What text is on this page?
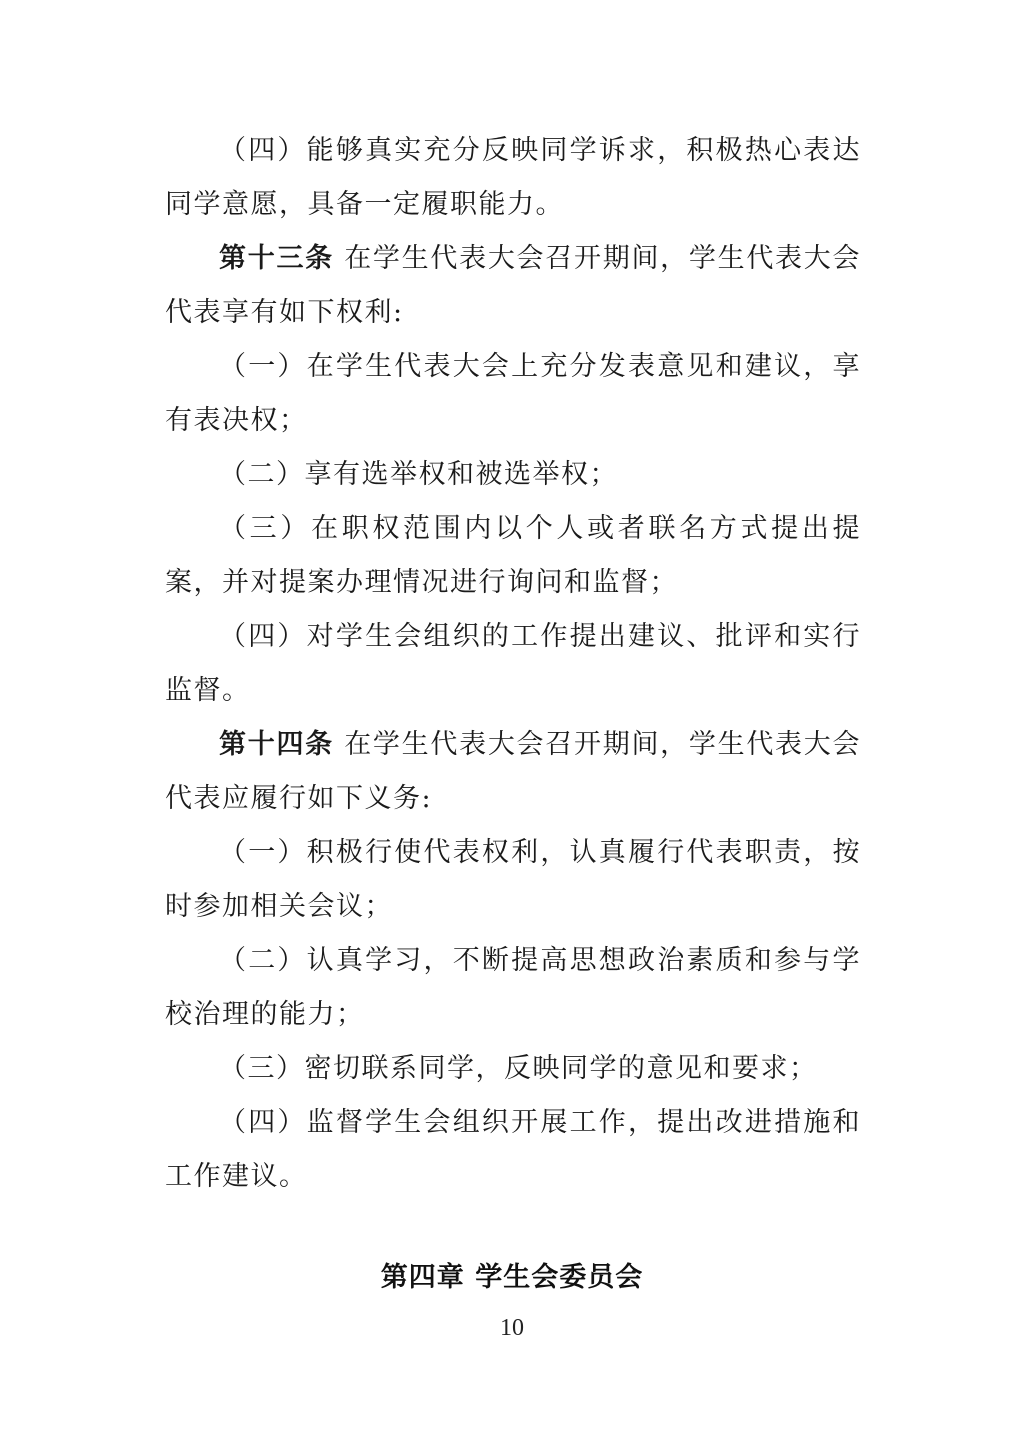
（四）能够真实充分反映同学诉求，积极热心表达同学意愿，具备一定履职能力。

第十三条 在学生代表大会召开期间，学生代表大会代表享有如下权利:

（一）在学生代表大会上充分发表意见和建议，享有表决权；

（二）享有选举权和被选举权；

（三）在职权范围内以个人或者联名方式提出提案，并对提案办理情况进行询问和监督；

（四）对学生会组织的工作提出建议、批评和实行监督。

第十四条 在学生代表大会召开期间，学生代表大会代表应履行如下义务:

（一）积极行使代表权利，认真履行代表职责，按时参加相关会议；

（二）认真学习，不断提高思想政治素质和参与学校治理的能力；

（三）密切联系同学，反映同学的意见和要求；

（四）监督学生会组织开展工作，提出改进措施和工作建议。

第四章 学生会委员会
10
